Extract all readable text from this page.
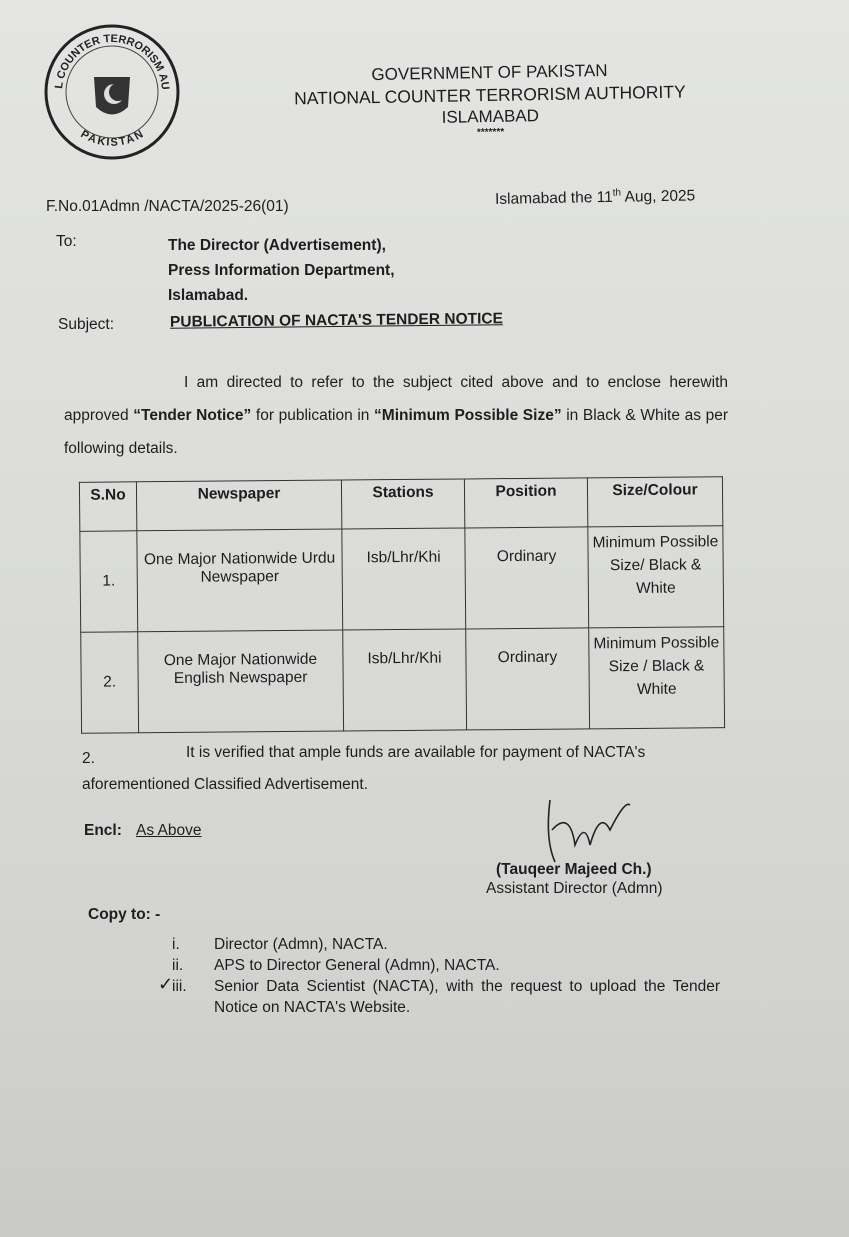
L COUNTER TERRORISM AU
PAKISTAN
GOVERNMENT OF PAKISTAN
NATIONAL COUNTER TERRORISM AUTHORITY
ISLAMABAD
*******
F.No.01Admn /NACTA/2025-26(01)	Islamabad the 11th Aug, 2025
To:	The Director (Advertisement),
Press Information Department,
Islamabad.
Subject:	PUBLICATION OF NACTA'S TENDER NOTICE
I am directed to refer to the subject cited above and to enclose herewith approved “Tender Notice” for publication in “Minimum Possible Size” in Black & White as per following details.
S.No	Newspaper	Stations	Position	Size/Colour
1.	One Major Nationwide Urdu Newspaper	Isb/Lhr/Khi	Ordinary	Minimum Possible Size/ Black & White
2.	One Major Nationwide English Newspaper	Isb/Lhr/Khi	Ordinary	Minimum Possible Size / Black & White
2.	It is verified that ample funds are available for payment of NACTA's
aforementioned Classified Advertisement.
Encl: As Above
(Tauqeer Majeed Ch.)
Assistant Director (Admn)
Copy to: -
i.	Director (Admn), NACTA.
ii.	APS to Director General (Admn), NACTA.
✓
iii.	Senior Data Scientist (NACTA), with the request to upload the Tender Notice on NACTA's Website.
